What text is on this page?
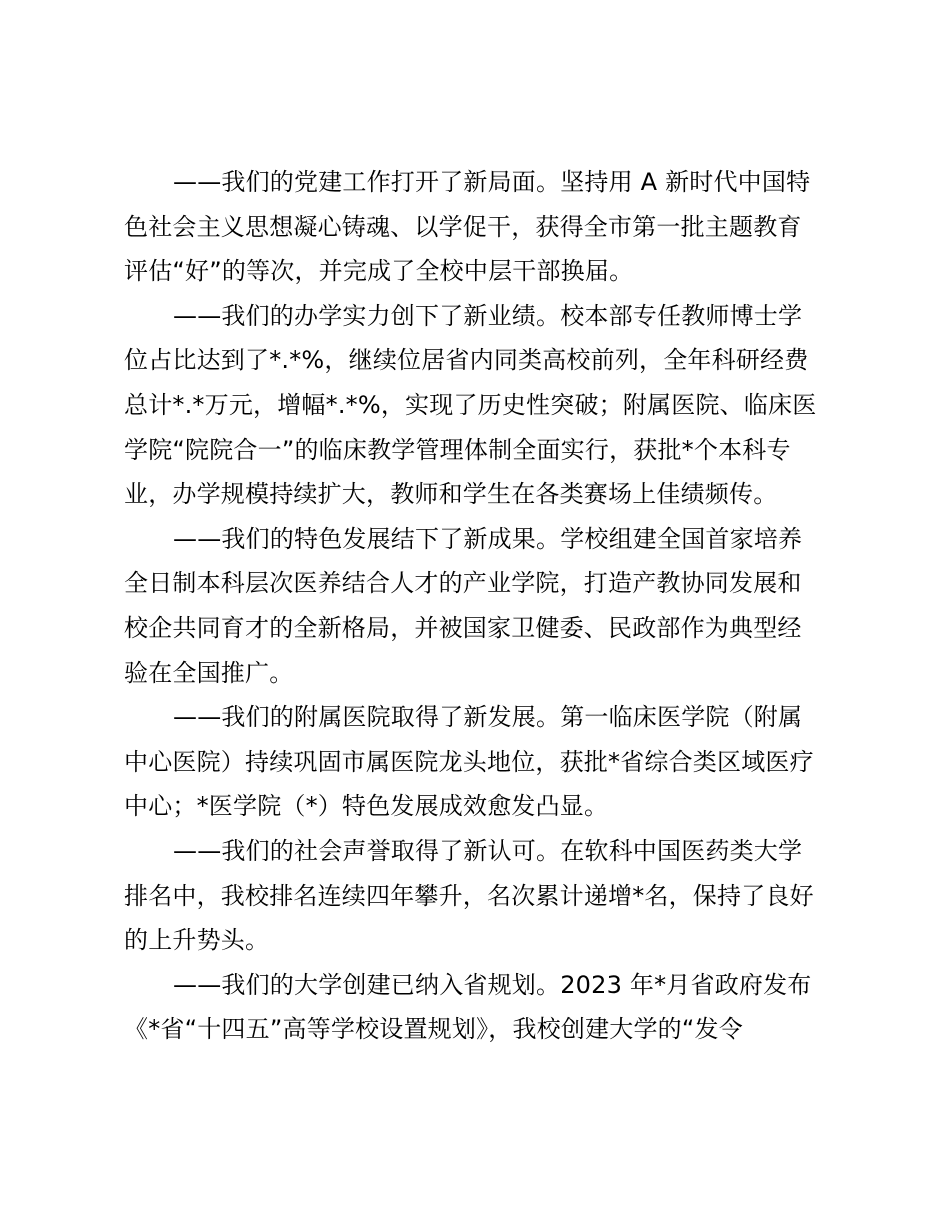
——我们的党建工作打开了新局面。坚持用 A 新时代中国特
色社会主义思想凝心铸魂、以学促干，获得全市第一批主题教育
评估“好”的等次，并完成了全校中层干部换届。
——我们的办学实力创下了新业绩。校本部专任教师博士学
位占比达到了*.*%，继续位居省内同类高校前列，全年科研经费
总计*.*万元，增幅*.*%，实现了历史性突破；附属医院、临床医
学院“院院合一”的临床教学管理体制全面实行，获批*个本科专
业，办学规模持续扩大，教师和学生在各类赛场上佳绩频传。
——我们的特色发展结下了新成果。学校组建全国首家培养
全日制本科层次医养结合人才的产业学院，打造产教协同发展和
校企共同育才的全新格局，并被国家卫健委、民政部作为典型经
验在全国推广。
——我们的附属医院取得了新发展。第一临床医学院（附属
中心医院）持续巩固市属医院龙头地位，获批*省综合类区域医疗
中心；*医学院（*）特色发展成效愈发凸显。
——我们的社会声誉取得了新认可。在软科中国医药类大学
排名中，我校排名连续四年攀升，名次累计递增*名，保持了良好
的上升势头。
——我们的大学创建已纳入省规划。2023 年*月省政府发布
《*省“十四五”高等学校设置规划》，我校创建大学的“发令
